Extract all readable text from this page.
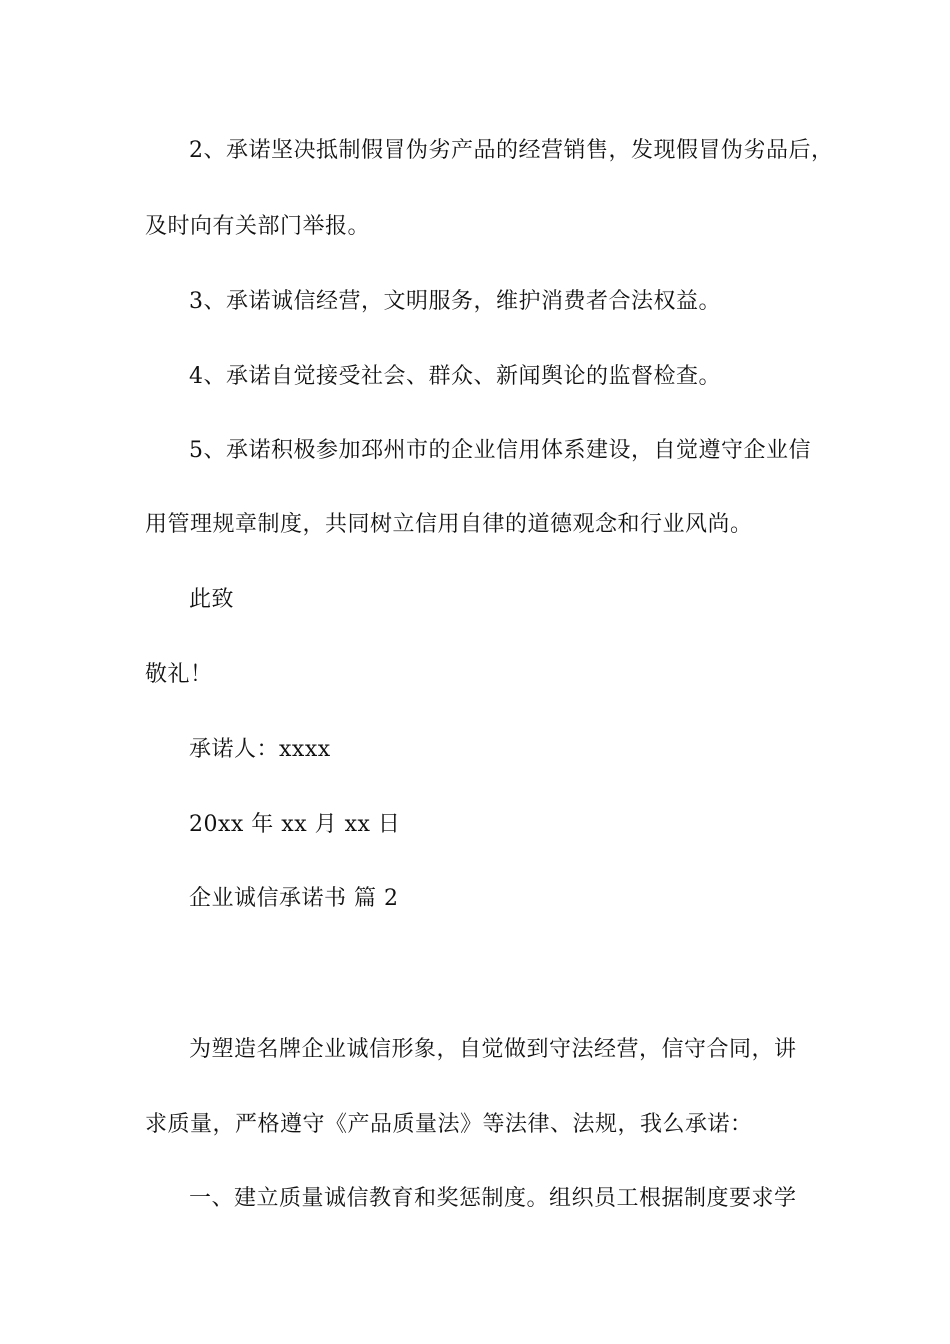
2、承诺坚决抵制假冒伪劣产品的经营销售，发现假冒伪劣品后，
及时向有关部门举报。
3、承诺诚信经营，文明服务，维护消费者合法权益。
4、承诺自觉接受社会、群众、新闻舆论的监督检查。
5、承诺积极参加邳州市的企业信用体系建设，自觉遵守企业信
用管理规章制度，共同树立信用自律的道德观念和行业风尚。
此致
敬礼！
承诺人：xxxx
20xx 年 xx 月 xx 日
企业诚信承诺书 篇 2
为塑造名牌企业诚信形象，自觉做到守法经营，信守合同，讲
求质量，严格遵守《产品质量法》等法律、法规，我么承诺：
一、建立质量诚信教育和奖惩制度。组织员工根据制度要求学
